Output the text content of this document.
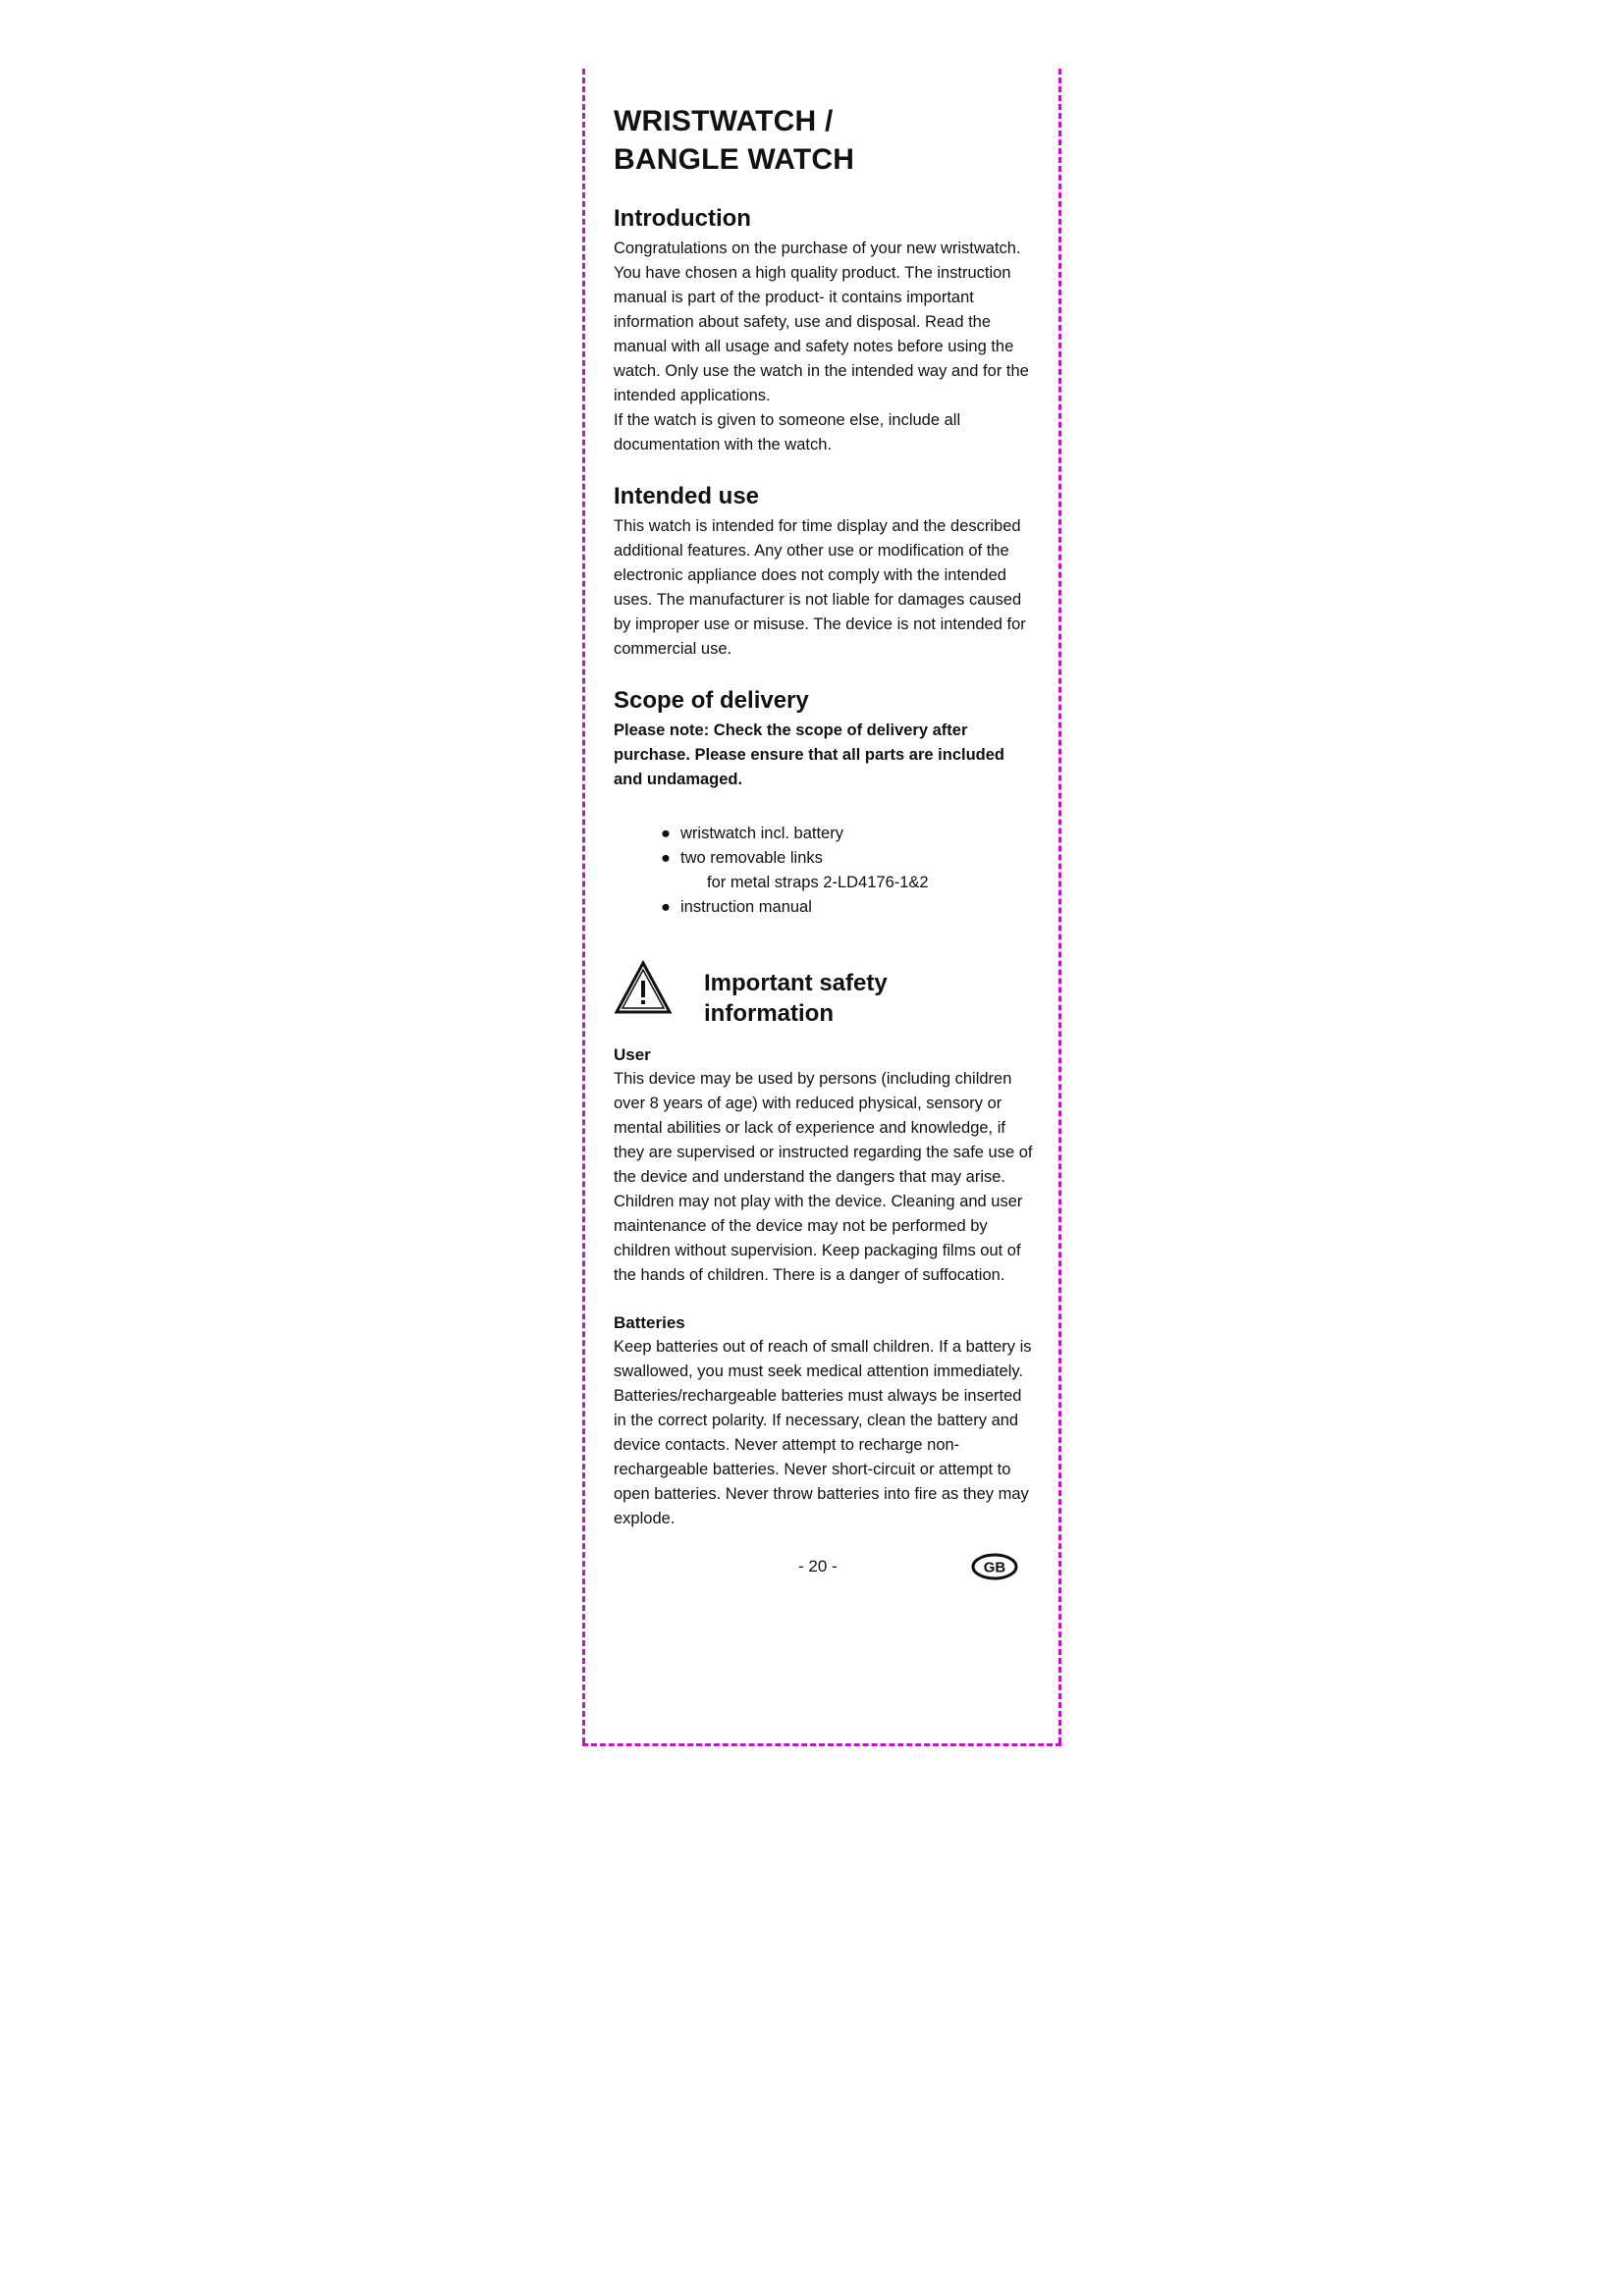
WRISTWATCH /
BANGLE WATCH
Introduction

Congratulations on the purchase of your new wristwatch. You have chosen a high quality product. The instruction manual is part of the product- it contains important information about safety, use and disposal. Read the manual with all usage and safety notes before using the watch. Only use the watch in the intended way and for the intended applications.

If the watch is given to someone else, include all documentation with the watch.

Intended use

This watch is intended for time display and the described additional features. Any other use or modification of the electronic appliance does not comply with the intended uses. The manufacturer is not liable for damages caused by improper use or misuse. The device is not intended for commercial use.

Scope of delivery

Please note: Check the scope of delivery after purchase. Please ensure that all parts are included and undamaged.

● wristwatch incl. battery
● two removable links
for metal straps 2-LD4176-1&2
● instruction manual
Important safety
information
User

This device may be used by persons (including children over 8 years of age) with reduced physical, sensory or mental abilities or lack of experience and knowledge, if they are supervised or instructed regarding the safe use of the device and understand the dangers that may arise. Children may not play with the device. Cleaning and user maintenance of the device may not be performed by children without supervision. Keep packaging films out of the hands of children. There is a danger of suffocation.

Batteries

Keep batteries out of reach of small children. If a battery is swallowed, you must seek medical attention immediately. Batteries/rechargeable batteries must always be inserted in the correct polarity. If necessary, clean the battery and device contacts. Never attempt to recharge non-rechargeable batteries. Never short-circuit or attempt to open batteries. Never throw batteries into fire as they may explode.

- 20 -	GB
